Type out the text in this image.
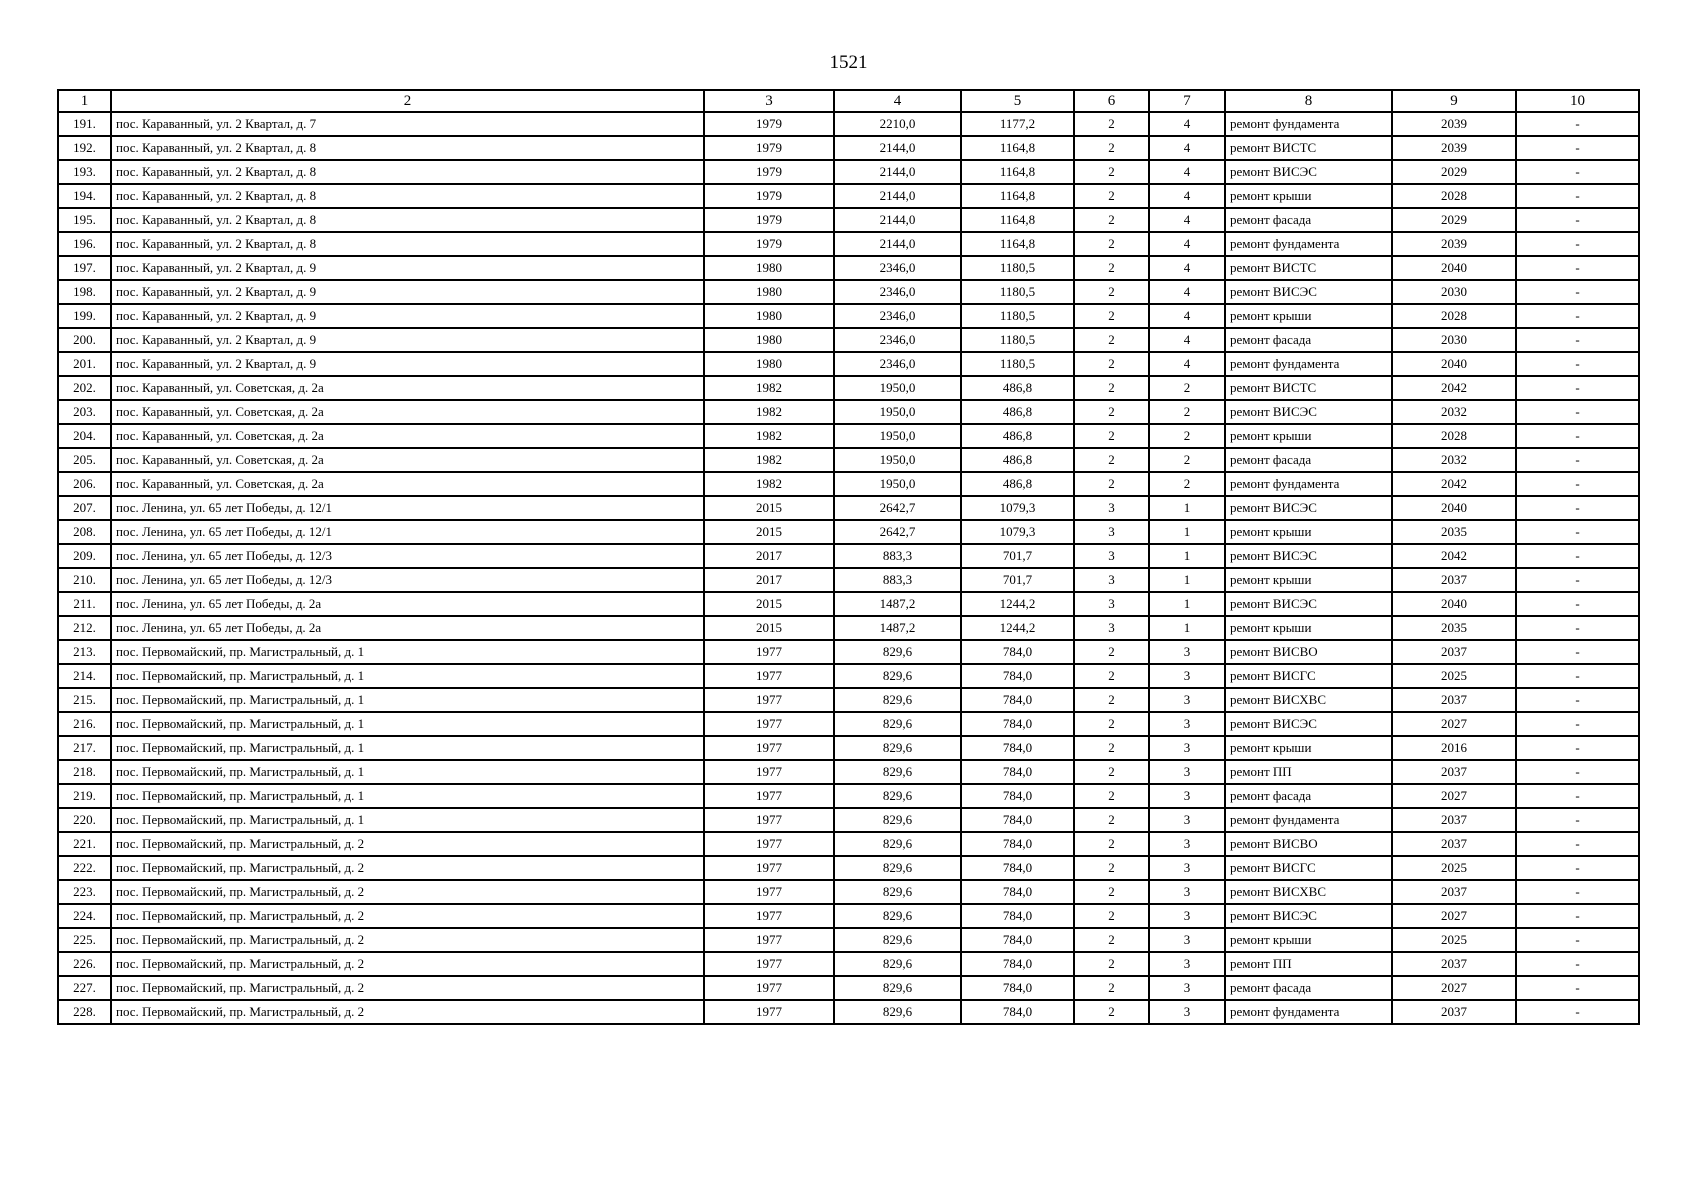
1521
1	2	3	4	5	6	7	8	9	10
191.	пос. Караванный, ул. 2 Квартал, д. 7	1979	2210,0	1177,2	2	4	ремонт фундамента	2039	-
192.	пос. Караванный, ул. 2 Квартал, д. 8	1979	2144,0	1164,8	2	4	ремонт ВИСТС	2039	-
193.	пос. Караванный, ул. 2 Квартал, д. 8	1979	2144,0	1164,8	2	4	ремонт ВИСЭС	2029	-
194.	пос. Караванный, ул. 2 Квартал, д. 8	1979	2144,0	1164,8	2	4	ремонт крыши	2028	-
195.	пос. Караванный, ул. 2 Квартал, д. 8	1979	2144,0	1164,8	2	4	ремонт фасада	2029	-
196.	пос. Караванный, ул. 2 Квартал, д. 8	1979	2144,0	1164,8	2	4	ремонт фундамента	2039	-
197.	пос. Караванный, ул. 2 Квартал, д. 9	1980	2346,0	1180,5	2	4	ремонт ВИСТС	2040	-
198.	пос. Караванный, ул. 2 Квартал, д. 9	1980	2346,0	1180,5	2	4	ремонт ВИСЭС	2030	-
199.	пос. Караванный, ул. 2 Квартал, д. 9	1980	2346,0	1180,5	2	4	ремонт крыши	2028	-
200.	пос. Караванный, ул. 2 Квартал, д. 9	1980	2346,0	1180,5	2	4	ремонт фасада	2030	-
201.	пос. Караванный, ул. 2 Квартал, д. 9	1980	2346,0	1180,5	2	4	ремонт фундамента	2040	-
202.	пос. Караванный, ул. Советская, д. 2а	1982	1950,0	486,8	2	2	ремонт ВИСТС	2042	-
203.	пос. Караванный, ул. Советская, д. 2а	1982	1950,0	486,8	2	2	ремонт ВИСЭС	2032	-
204.	пос. Караванный, ул. Советская, д. 2а	1982	1950,0	486,8	2	2	ремонт крыши	2028	-
205.	пос. Караванный, ул. Советская, д. 2а	1982	1950,0	486,8	2	2	ремонт фасада	2032	-
206.	пос. Караванный, ул. Советская, д. 2а	1982	1950,0	486,8	2	2	ремонт фундамента	2042	-
207.	пос. Ленина, ул. 65 лет Победы, д. 12/1	2015	2642,7	1079,3	3	1	ремонт ВИСЭС	2040	-
208.	пос. Ленина, ул. 65 лет Победы, д. 12/1	2015	2642,7	1079,3	3	1	ремонт крыши	2035	-
209.	пос. Ленина, ул. 65 лет Победы, д. 12/3	2017	883,3	701,7	3	1	ремонт ВИСЭС	2042	-
210.	пос. Ленина, ул. 65 лет Победы, д. 12/3	2017	883,3	701,7	3	1	ремонт крыши	2037	-
211.	пос. Ленина, ул. 65 лет Победы, д. 2а	2015	1487,2	1244,2	3	1	ремонт ВИСЭС	2040	-
212.	пос. Ленина, ул. 65 лет Победы, д. 2а	2015	1487,2	1244,2	3	1	ремонт крыши	2035	-
213.	пос. Первомайский, пр. Магистральный, д. 1	1977	829,6	784,0	2	3	ремонт ВИСВО	2037	-
214.	пос. Первомайский, пр. Магистральный, д. 1	1977	829,6	784,0	2	3	ремонт ВИСГС	2025	-
215.	пос. Первомайский, пр. Магистральный, д. 1	1977	829,6	784,0	2	3	ремонт ВИСХВС	2037	-
216.	пос. Первомайский, пр. Магистральный, д. 1	1977	829,6	784,0	2	3	ремонт ВИСЭС	2027	-
217.	пос. Первомайский, пр. Магистральный, д. 1	1977	829,6	784,0	2	3	ремонт крыши	2016	-
218.	пос. Первомайский, пр. Магистральный, д. 1	1977	829,6	784,0	2	3	ремонт ПП	2037	-
219.	пос. Первомайский, пр. Магистральный, д. 1	1977	829,6	784,0	2	3	ремонт фасада	2027	-
220.	пос. Первомайский, пр. Магистральный, д. 1	1977	829,6	784,0	2	3	ремонт фундамента	2037	-
221.	пос. Первомайский, пр. Магистральный, д. 2	1977	829,6	784,0	2	3	ремонт ВИСВО	2037	-
222.	пос. Первомайский, пр. Магистральный, д. 2	1977	829,6	784,0	2	3	ремонт ВИСГС	2025	-
223.	пос. Первомайский, пр. Магистральный, д. 2	1977	829,6	784,0	2	3	ремонт ВИСХВС	2037	-
224.	пос. Первомайский, пр. Магистральный, д. 2	1977	829,6	784,0	2	3	ремонт ВИСЭС	2027	-
225.	пос. Первомайский, пр. Магистральный, д. 2	1977	829,6	784,0	2	3	ремонт крыши	2025	-
226.	пос. Первомайский, пр. Магистральный, д. 2	1977	829,6	784,0	2	3	ремонт ПП	2037	-
227.	пос. Первомайский, пр. Магистральный, д. 2	1977	829,6	784,0	2	3	ремонт фасада	2027	-
228.	пос. Первомайский, пр. Магистральный, д. 2	1977	829,6	784,0	2	3	ремонт фундамента	2037	-
